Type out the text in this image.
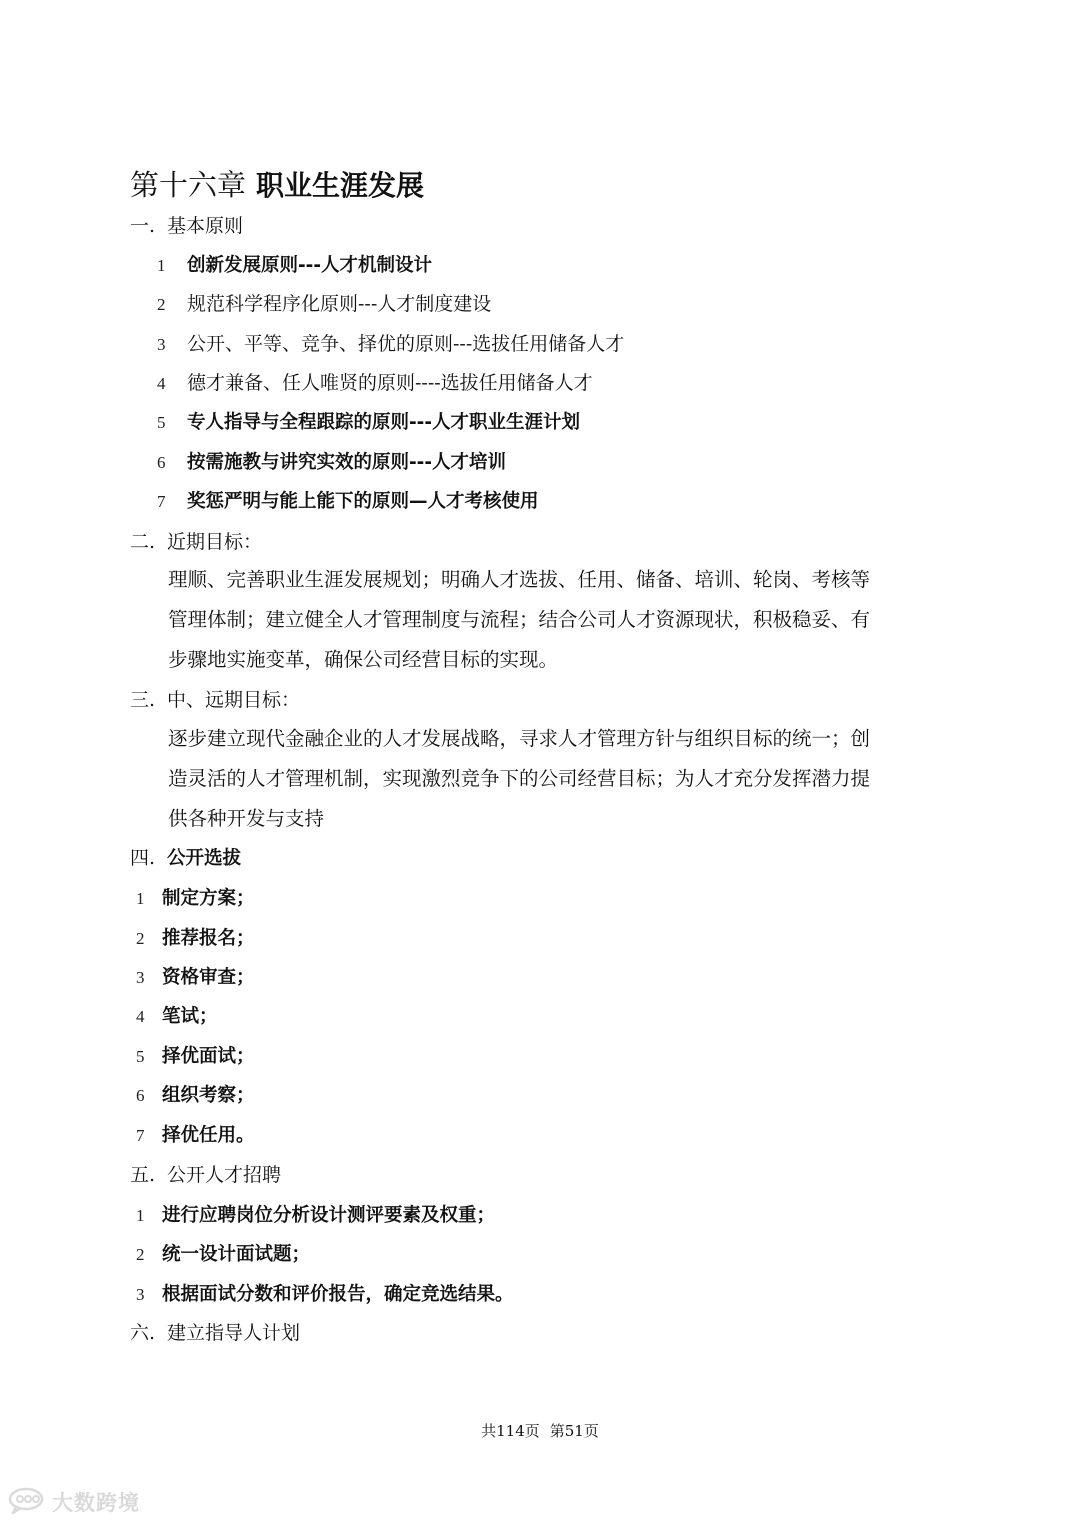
第十六章 职业生涯发展
一. 基本原则
1 创新发展原则---人才机制设计
2 规范科学程序化原则---人才制度建设
3 公开、平等、竞争、择优的原则---选拔任用储备人才
4 德才兼备、任人唯贤的原则----选拔任用储备人才
5 专人指导与全程跟踪的原则---人才职业生涯计划
6 按需施教与讲究实效的原则---人才培训
7 奖惩严明与能上能下的原则—人才考核使用
二. 近期目标：
理顺、完善职业生涯发展规划；明确人才选拔、任用、储备、培训、轮岗、考核等
管理体制；建立健全人才管理制度与流程；结合公司人才资源现状，积极稳妥、有
步骤地实施变革，确保公司经营目标的实现。
三. 中、远期目标：
逐步建立现代金融企业的人才发展战略，寻求人才管理方针与组织目标的统一；创
造灵活的人才管理机制，实现激烈竞争下的公司经营目标；为人才充分发挥潜力提
供各种开发与支持
四. 公开选拔
1 制定方案；
2 推荐报名；
3 资格审查；
4 笔试；
5 择优面试；
6 组织考察；
7 择优任用。
五. 公开人才招聘
1 进行应聘岗位分析设计测评要素及权重；
2 统一设计面试题；
3 根据面试分数和评价报告，确定竞选结果。
六. 建立指导人计划
共114页 第51页
大数跨境
